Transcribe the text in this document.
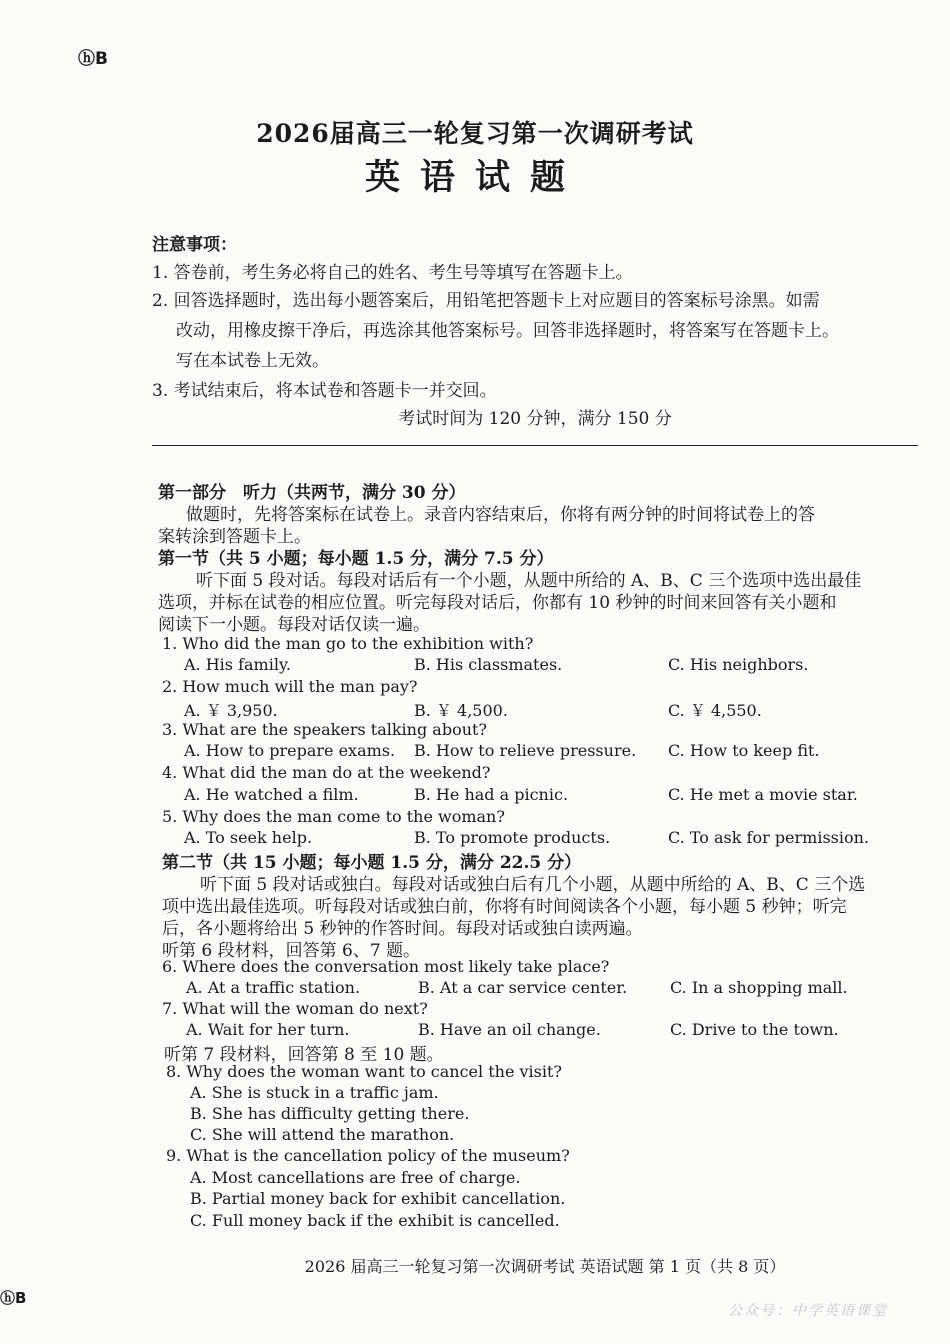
ⓗB
2026届高三一轮复习第一次调研考试
英语试题
注意事项：
1. 答卷前，考生务必将自己的姓名、考生号等填写在答题卡上。
2. 回答选择题时，选出每小题答案后，用铅笔把答题卡上对应题目的答案标号涂黑。如需
改动，用橡皮擦干净后，再选涂其他答案标号。回答非选择题时，将答案写在答题卡上。
写在本试卷上无效。
3. 考试结束后，将本试卷和答题卡一并交回。
考试时间为 120 分钟，满分 150 分
第一部分　听力（共两节，满分 30 分）
做题时，先将答案标在试卷上。录音内容结束后，你将有两分钟的时间将试卷上的答
案转涂到答题卡上。
第一节（共 5 小题；每小题 1.5 分，满分 7.5 分）
听下面 5 段对话。每段对话后有一个小题，从题中所给的 A、B、C 三个选项中选出最佳
选项，并标在试卷的相应位置。听完每段对话后，你都有 10 秒钟的时间来回答有关小题和
阅读下一小题。每段对话仅读一遍。
1. Who did the man go to the exhibition with?
A. His family.	B. His classmates.	C. His neighbors.
2. How much will the man pay?
A. ￥ 3,950.	B. ￥ 4,500.	C. ￥ 4,550.
3. What are the speakers talking about?
A. How to prepare exams. B. How to relieve pressure. C. How to keep fit.
4. What did the man do at the weekend?
A. He watched a film.	B. He had a picnic.	C. He met a movie star.
5. Why does the man come to the woman?
A. To seek help.	B. To promote products.	C. To ask for permission.
第二节（共 15 小题；每小题 1.5 分，满分 22.5 分）
听下面 5 段对话或独白。每段对话或独白后有几个小题，从题中所给的 A、B、C 三个选
项中选出最佳选项。听每段对话或独白前，你将有时间阅读各个小题，每小题 5 秒钟；听完
后，各小题将给出 5 秒钟的作答时间。每段对话或独白读两遍。
听第 6 段材料，回答第 6、7 题。
6. Where does the conversation most likely take place?
A. At a traffic station.	B. At a car service center.	C. In a shopping mall.
7. What will the woman do next?
A. Wait for her turn.	B. Have an oil change.	C. Drive to the town.
听第 7 段材料，回答第 8 至 10 题。
8. Why does the woman want to cancel the visit?
A. She is stuck in a traffic jam.
B. She has difficulty getting there.
C. She will attend the marathon.
9. What is the cancellation policy of the museum?
A. Most cancellations are free of charge.
B. Partial money back for exhibit cancellation.
C. Full money back if the exhibit is cancelled.
2026 届高三一轮复习第一次调研考试 英语试题 第 1 页（共 8 页）
ⓗB
公众号：中学英语课堂
